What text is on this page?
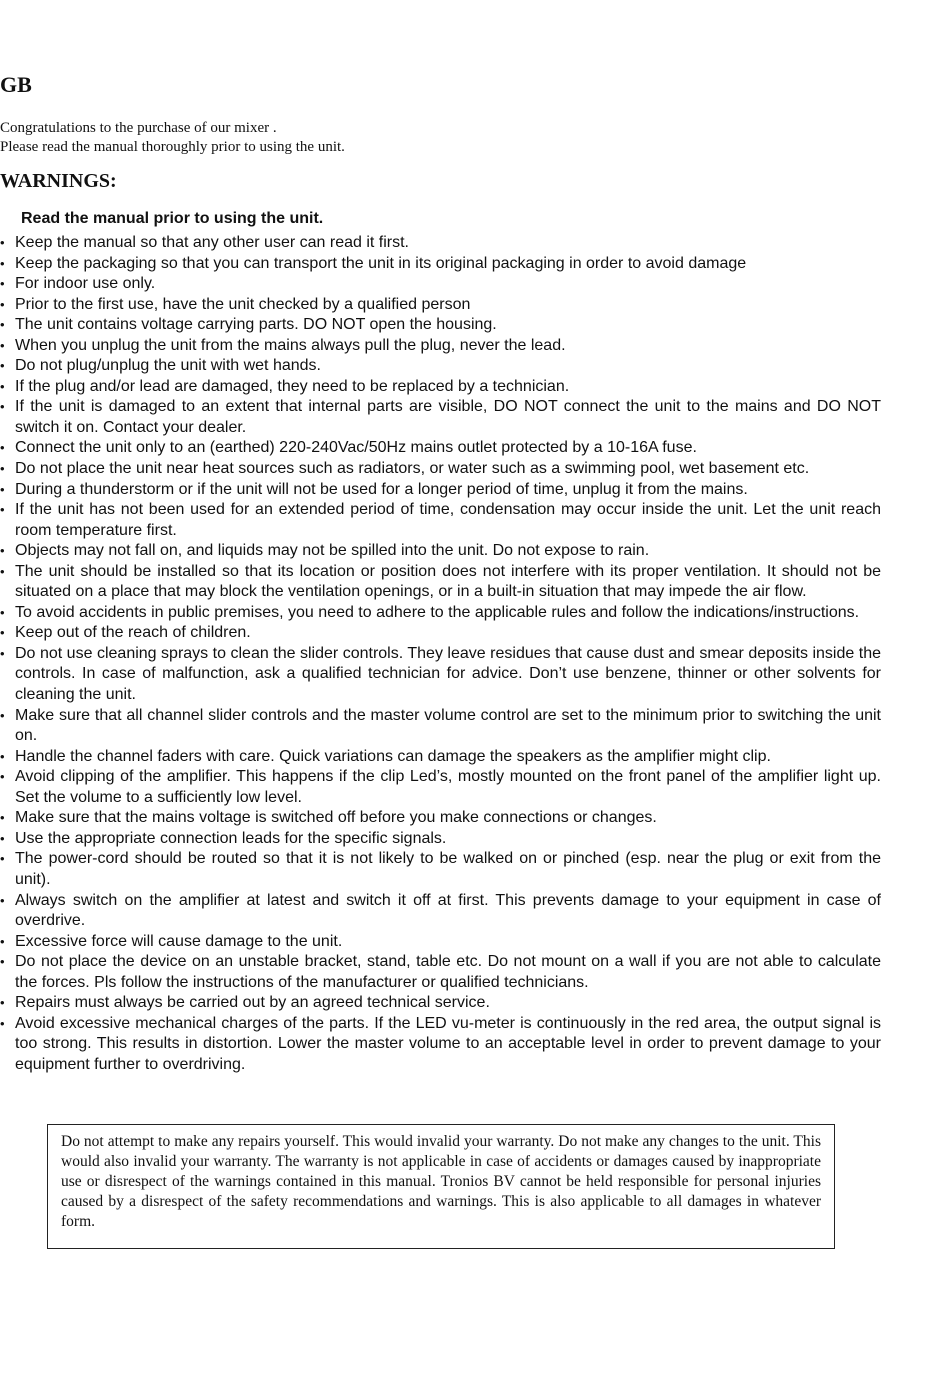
GB
Congratulations to the purchase of our mixer .
Please read the manual thoroughly prior to using the unit.
WARNINGS:
Read the manual prior to using the unit.
• Keep the manual so that any other user can read it first.
• Keep the packaging so that you can transport the unit in its original packaging in order to avoid damage
• For indoor use only.
• Prior to the first use, have the unit checked by a qualified person
• The unit contains voltage carrying parts. DO NOT open the housing.
• When you unplug the unit from the mains always pull the plug, never the lead.
• Do not plug/unplug the unit with wet hands.
• If the plug and/or lead are damaged, they need to be replaced by a technician.
• If the unit is damaged to an extent that internal parts are visible, DO NOT connect the unit to the mains and DO NOT switch it on. Contact your dealer.
• Connect the unit only to an (earthed) 220-240Vac/50Hz mains outlet protected by a 10-16A fuse.
• Do not place the unit near heat sources such as radiators, or water such as a swimming pool, wet basement etc.
• During a thunderstorm or if the unit will not be used for a longer period of time, unplug it from the mains.
• If the unit has not been used for an extended period of time, condensation may occur inside the unit. Let the unit reach room temperature first.
• Objects may not fall on, and liquids may not be spilled into the unit. Do not expose to rain.
• The unit should be installed so that its location or position does not interfere with its proper ventilation. It should not be situated on a place that may block the ventilation openings, or in a built-in situation that may impede the air flow.
• To avoid accidents in public premises, you need to adhere to the applicable rules and follow the indications/instructions.
• Keep out of the reach of children.
• Do not use cleaning sprays to clean the slider controls. They leave residues that cause dust and smear deposits inside the controls. In case of malfunction, ask a qualified technician for advice. Don’t use benzene, thinner or other solvents for cleaning the unit.
• Make sure that all channel slider controls and the master volume control are set to the minimum prior to switching the unit on.
• Handle the channel faders with care. Quick variations can damage the speakers as the amplifier might clip.
• Avoid clipping of the amplifier. This happens if the clip Led’s, mostly mounted on the front panel of the amplifier light up. Set the volume to a sufficiently low level.
• Make sure that the mains voltage is switched off before you make connections or changes.
• Use the appropriate connection leads for the specific signals.
• The power-cord should be routed so that it is not likely to be walked on or pinched (esp. near the plug or exit from the unit).
• Always switch on the amplifier at latest and switch it off at first. This prevents damage to your equipment in case of overdrive.
• Excessive force will cause damage to the unit.
• Do not place the device on an unstable bracket, stand, table etc. Do not mount on a wall if you are not able to calculate the forces. Pls follow the instructions of the manufacturer or qualified technicians.
• Repairs must always be carried out by an agreed technical service.
• Avoid excessive mechanical charges of the parts. If the LED vu-meter is continuously in the red area, the output signal is too strong. This results in distortion. Lower the master volume to an acceptable level in order to prevent damage to your equipment further to overdriving.
Do not attempt to make any repairs yourself. This would invalid your warranty. Do not make any changes to the unit. This would also invalid your warranty. The warranty is not applicable in case of accidents or damages caused by inappropriate use or disrespect of the warnings contained in this manual. Tronios BV cannot be held responsible for personal injuries caused by a disrespect of the safety recommendations and warnings. This is also applicable to all damages in whatever form.
